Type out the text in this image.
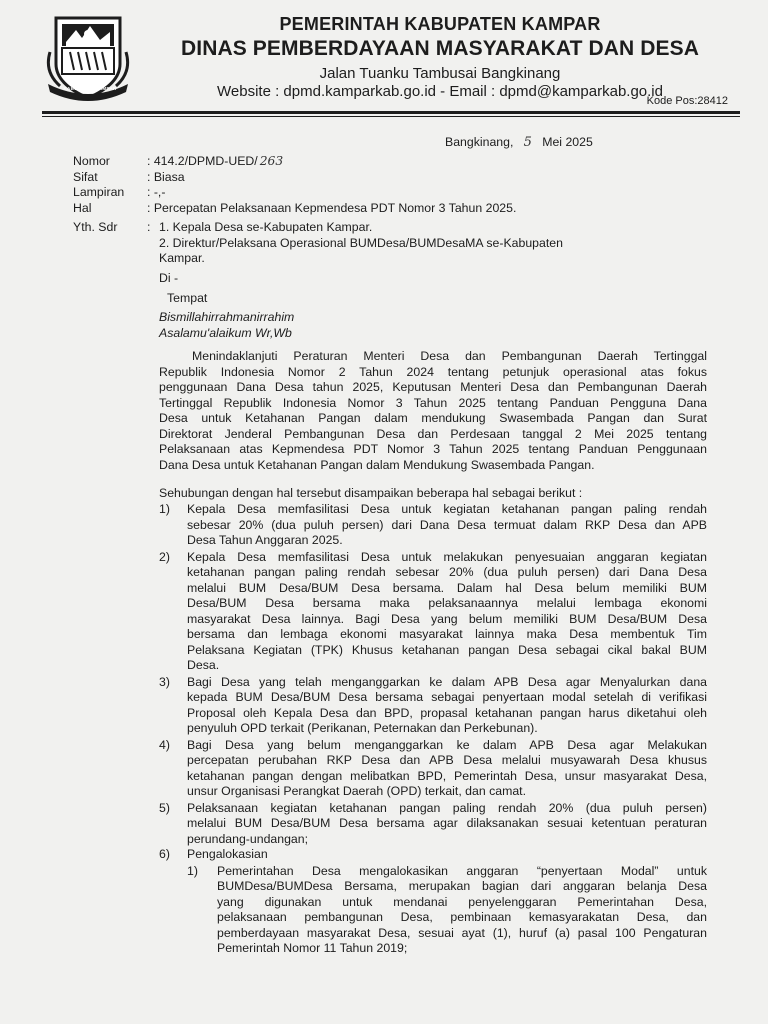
KABUPATEN KAMPAR
PEMERINTAH KABUPATEN KAMPAR
DINAS PEMBERDAYAAN MASYARAKAT DAN DESA
Jalan Tuanku Tambusai Bangkinang
Website : dpmd.kamparkab.go.id - Email : dpmd@kamparkab.go.id
Kode Pos:28412
Bangkinang, 5 Mei 2025
Nomor	: 414.2/DPMD-UED/ 263
Sifat	: Biasa
Lampiran	: -,-
Hal	: Percepatan Pelaksanaan Kepmendesa PDT Nomor 3 Tahun 2025.
Yth. Sdr : 1. Kepala Desa se-Kabupaten Kampar.
2. Direktur/Pelaksana Operasional BUMDesa/BUMDesaMA se-Kabupaten
Kampar.
Di -
Tempat
Bismillahirrahmanirrahim
Asalamu'alaikum Wr,Wb
Menindaklanjuti Peraturan Menteri Desa dan Pembangunan Daerah Tertinggal
Republik Indonesia Nomor 2 Tahun 2024 tentang petunjuk operasional atas fokus
penggunaan Dana Desa tahun 2025, Keputusan Menteri Desa dan Pembangunan Daerah
Tertinggal Republik Indonesia Nomor 3 Tahun 2025 tentang Panduan Pengguna Dana
Desa untuk Ketahanan Pangan dalam mendukung Swasembada Pangan dan Surat
Direktorat Jenderal Pembangunan Desa dan Perdesaan tanggal 2 Mei 2025 tentang
Pelaksanaan atas Kepmendesa PDT Nomor 3 Tahun 2025 tentang Panduan Penggunaan
Dana Desa untuk Ketahanan Pangan dalam Mendukung Swasembada Pangan.
Sehubungan dengan hal tersebut disampaikan beberapa hal sebagai berikut :
1)	Kepala Desa memfasilitasi Desa untuk kegiatan ketahanan pangan paling rendah
sebesar 20% (dua puluh persen) dari Dana Desa termuat dalam RKP Desa dan APB
Desa Tahun Anggaran 2025.
2)	Kepala Desa memfasilitasi Desa untuk melakukan penyesuaian anggaran kegiatan
ketahanan pangan paling rendah sebesar 20% (dua puluh persen) dari Dana Desa
melalui BUM Desa/BUM Desa bersama. Dalam hal Desa belum memiliki BUM
Desa/BUM Desa bersama maka pelaksanaannya melalui lembaga ekonomi
masyarakat Desa lainnya. Bagi Desa yang belum memiliki BUM Desa/BUM Desa
bersama dan lembaga ekonomi masyarakat lainnya maka Desa membentuk Tim
Pelaksana Kegiatan (TPK) Khusus ketahanan pangan Desa sebagai cikal bakal BUM
Desa.
3)	Bagi Desa yang telah menganggarkan ke dalam APB Desa agar Menyalurkan dana
kepada BUM Desa/BUM Desa bersama sebagai penyertaan modal setelah di verifikasi
Proposal oleh Kepala Desa dan BPD, propasal ketahanan pangan harus diketahui oleh
penyuluh OPD terkait (Perikanan, Peternakan dan Perkebunan).
4)	Bagi Desa yang belum menganggarkan ke dalam APB Desa agar Melakukan
percepatan perubahan RKP Desa dan APB Desa melalui musyawarah Desa khusus
ketahanan pangan dengan melibatkan BPD, Pemerintah Desa, unsur masyarakat Desa,
unsur Organisasi Perangkat Daerah (OPD) terkait, dan camat.
5)	Pelaksanaan kegiatan ketahanan pangan paling rendah 20% (dua puluh persen)
melalui BUM Desa/BUM Desa bersama agar dilaksanakan sesuai ketentuan peraturan
perundang-undangan;
6)	Pengalokasian
1)	Pemerintahan Desa mengalokasikan anggaran “penyertaan Modal” untuk
BUMDesa/BUMDesa Bersama, merupakan bagian dari anggaran belanja Desa
yang digunakan untuk mendanai penyelenggaran Pemerintahan Desa,
pelaksanaan pembangunan Desa, pembinaan kemasyarakatan Desa, dan
pemberdayaan masyarakat Desa, sesuai ayat (1), huruf (a) pasal 100 Pengaturan
Pemerintah Nomor 11 Tahun 2019;
